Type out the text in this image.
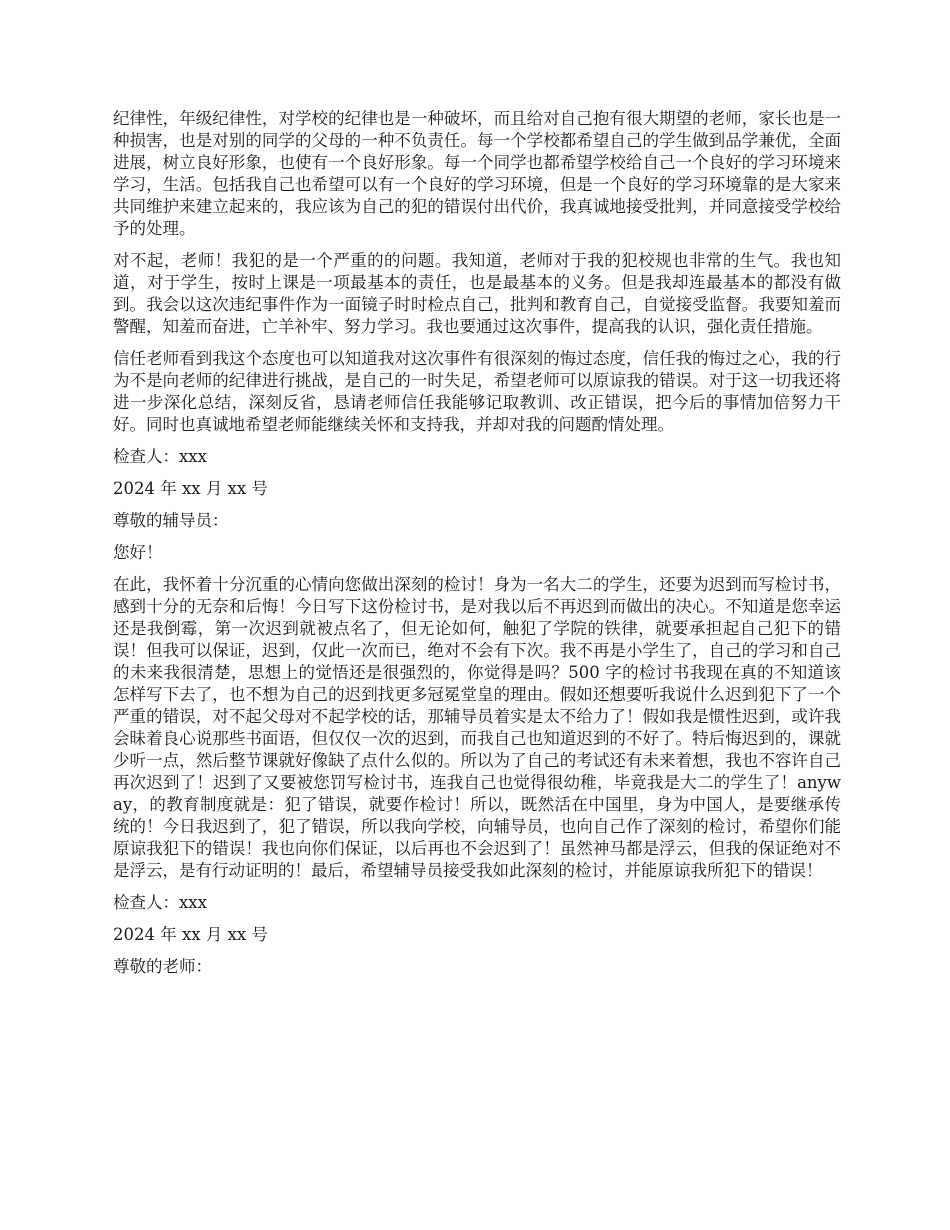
纪律性，年级纪律性，对学校的纪律也是一种破坏，而且给对自己抱有很大期望的老师，家长也是一种损害，也是对别的同学的父母的一种不负责任。每一个学校都希望自己的学生做到品学兼优，全面进展，树立良好形象，也使有一个良好形象。每一个同学也都希望学校给自己一个良好的学习环境来学习，生活。包括我自己也希望可以有一个良好的学习环境，但是一个良好的学习环境靠的是大家来共同维护来建立起来的，我应该为自己的犯的错误付出代价，我真诚地接受批判，并同意接受学校给予的处理。

对不起，老师！我犯的是一个严重的的问题。我知道，老师对于我的犯校规也非常的生气。我也知道，对于学生，按时上课是一项最基本的责任，也是最基本的义务。但是我却连最基本的都没有做到。我会以这次违纪事件作为一面镜子时时检点自己，批判和教育自己，自觉接受监督。我要知羞而警醒，知羞而奋进，亡羊补牢、努力学习。我也要通过这次事件，提高我的认识，强化责任措施。

信任老师看到我这个态度也可以知道我对这次事件有很深刻的悔过态度，信任我的悔过之心，我的行为不是向老师的纪律进行挑战，是自己的一时失足，希望老师可以原谅我的错误。对于这一切我还将进一步深化总结，深刻反省，恳请老师信任我能够记取教训、改正错误，把今后的事情加倍努力干好。同时也真诚地希望老师能继续关怀和支持我，并却对我的问题酌情处理。

检查人：xxx

2024 年 xx 月 xx 号

尊敬的辅导员：

您好！

在此，我怀着十分沉重的心情向您做出深刻的检讨！身为一名大二的学生，还要为迟到而写检讨书，感到十分的无奈和后悔！今日写下这份检讨书，是对我以后不再迟到而做出的决心。不知道是您幸运还是我倒霉，第一次迟到就被点名了，但无论如何，触犯了学院的铁律，就要承担起自己犯下的错误！但我可以保证，迟到，仅此一次而已，绝对不会有下次。我不再是小学生了，自己的学习和自己的未来我很清楚，思想上的觉悟还是很强烈的，你觉得是吗？500 字的检讨书我现在真的不知道该怎样写下去了，也不想为自己的迟到找更多冠冕堂皇的理由。假如还想要听我说什么迟到犯下了一个严重的错误，对不起父母对不起学校的话，那辅导员着实是太不给力了！假如我是惯性迟到，或许我会昧着良心说那些书面语，但仅仅一次的迟到，而我自己也知道迟到的不好了。特后悔迟到的，课就少听一点，然后整节课就好像缺了点什么似的。所以为了自己的考试还有未来着想，我也不容许自己再次迟到了！迟到了又要被您罚写检讨书，连我自己也觉得很幼稚，毕竟我是大二的学生了！anyway，的教育制度就是：犯了错误，就要作检讨！所以，既然活在中国里，身为中国人，是要继承传统的！今日我迟到了，犯了错误，所以我向学校，向辅导员，也向自己作了深刻的检讨，希望你们能原谅我犯下的错误！我也向你们保证，以后再也不会迟到了！虽然神马都是浮云，但我的保证绝对不是浮云，是有行动证明的！最后，希望辅导员接受我如此深刻的检讨，并能原谅我所犯下的错误！

检查人：xxx

2024 年 xx 月 xx 号

尊敬的老师：
